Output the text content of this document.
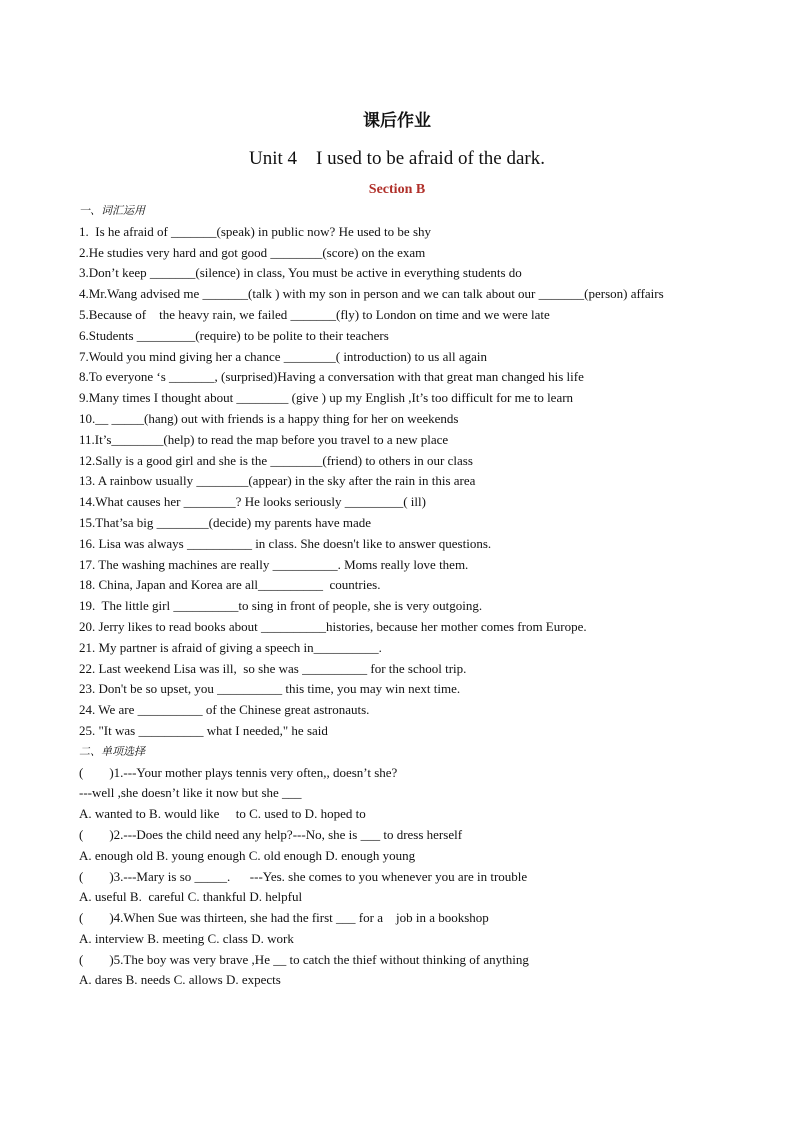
课后作业
Unit 4    I used to be afraid of the dark.
Section B
一、词汇运用
1.  Is he afraid of _______(speak) in public now? He used to be shy
2.He studies very hard and got good ________(score) on the exam
3.Don’t keep _______(silence) in class, You must be active in everything students do
4.Mr.Wang advised me _______(talk ) with my son in person and we can talk about our _______(person) affairs
5.Because of    the heavy rain, we failed _______(fly) to London on time and we were late
6.Students _________(require) to be polite to their teachers
7.Would you mind giving her a chance ________( introduction) to us all again
8.To everyone ‘s _______, (surprised)Having a conversation with that great man changed his life
9.Many times I thought about ________ (give ) up my English ,It’s too difficult for me to learn
10.__ _____(hang) out with friends is a happy thing for her on weekends
11.It’s________(help) to read the map before you travel to a new place
12.Sally is a good girl and she is the ________(friend) to others in our class
13. A rainbow usually ________(appear) in the sky after the rain in this area
14.What causes her ________? He looks seriously _________( ill)
15.That’sa big ________(decide) my parents have made
16. Lisa was always __________ in class. She doesn't like to answer questions.
17. The washing machines are really __________. Moms really love them.
18. China, Japan and Korea are all__________  countries.
19.  The little girl __________to sing in front of people, she is very outgoing.
20. Jerry likes to read books about __________histories, because her mother comes from Europe.
21. My partner is afraid of giving a speech in__________.
22. Last weekend Lisa was ill,  so she was __________ for the school trip.
23. Don't be so upset, you __________ this time, you may win next time.
24. We are __________ of the Chinese great astronauts.
25. "It was __________ what I needed," he said
二、单项选择
(        )1.---Your mother plays tennis very often,, doesn’t she?
---well ,she doesn’t like it now but she ___
A. wanted to B. would like     to C. used to D. hoped to
(        )2.---Does the child need any help?---No, she is ___ to dress herself
A. enough old B. young enough C. old enough D. enough young
(        )3.---Mary is so _____.      ---Yes. she comes to you whenever you are in trouble
A. useful B.  careful C. thankful D. helpful
(        )4.When Sue was thirteen, she had the first ___ for a    job in a bookshop
A. interview B. meeting C. class D. work
(        )5.The boy was very brave ,He __ to catch the thief without thinking of anything
A. dares B. needs C. allows D. expects
